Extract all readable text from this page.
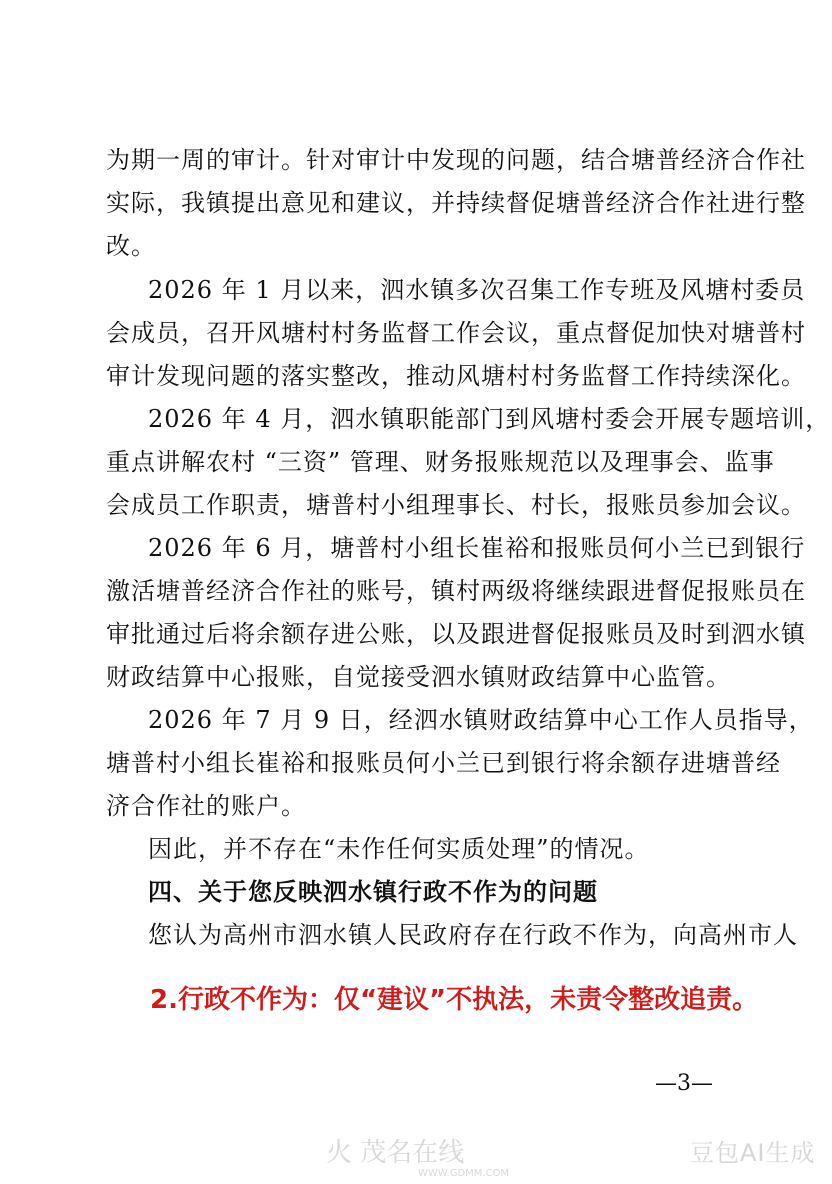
为期一周的审计。针对审计中发现的问题，结合塘普经济合作社
实际，我镇提出意见和建议，并持续督促塘普经济合作社进行整
改。
2026 年 1 月以来，泗水镇多次召集工作专班及风塘村委员
会成员，召开风塘村村务监督工作会议，重点督促加快对塘普村
审计发现问题的落实整改，推动风塘村村务监督工作持续深化。
2026 年 4 月，泗水镇职能部门到风塘村委会开展专题培训，
重点讲解农村 “三资” 管理、财务报账规范以及理事会、监事
会成员工作职责，塘普村小组理事长、村长，报账员参加会议。
2026 年 6 月，塘普村小组长崔裕和报账员何小兰已到银行
激活塘普经济合作社的账号，镇村两级将继续跟进督促报账员在
审批通过后将余额存进公账，以及跟进督促报账员及时到泗水镇
财政结算中心报账，自觉接受泗水镇财政结算中心监管。
2026 年 7 月 9 日，经泗水镇财政结算中心工作人员指导，
塘普村小组长崔裕和报账员何小兰已到银行将余额存进塘普经
济合作社的账户。
因此，并不存在“未作任何实质处理”的情况。
四、关于您反映泗水镇行政不作为的问题
您认为高州市泗水镇人民政府存在行政不作为，向高州市人
2.行政不作为：仅“建议”不执法，未责令整改追责。
—3—
火 茂名在线
WWW.GDMM.COM
豆包AI生成
